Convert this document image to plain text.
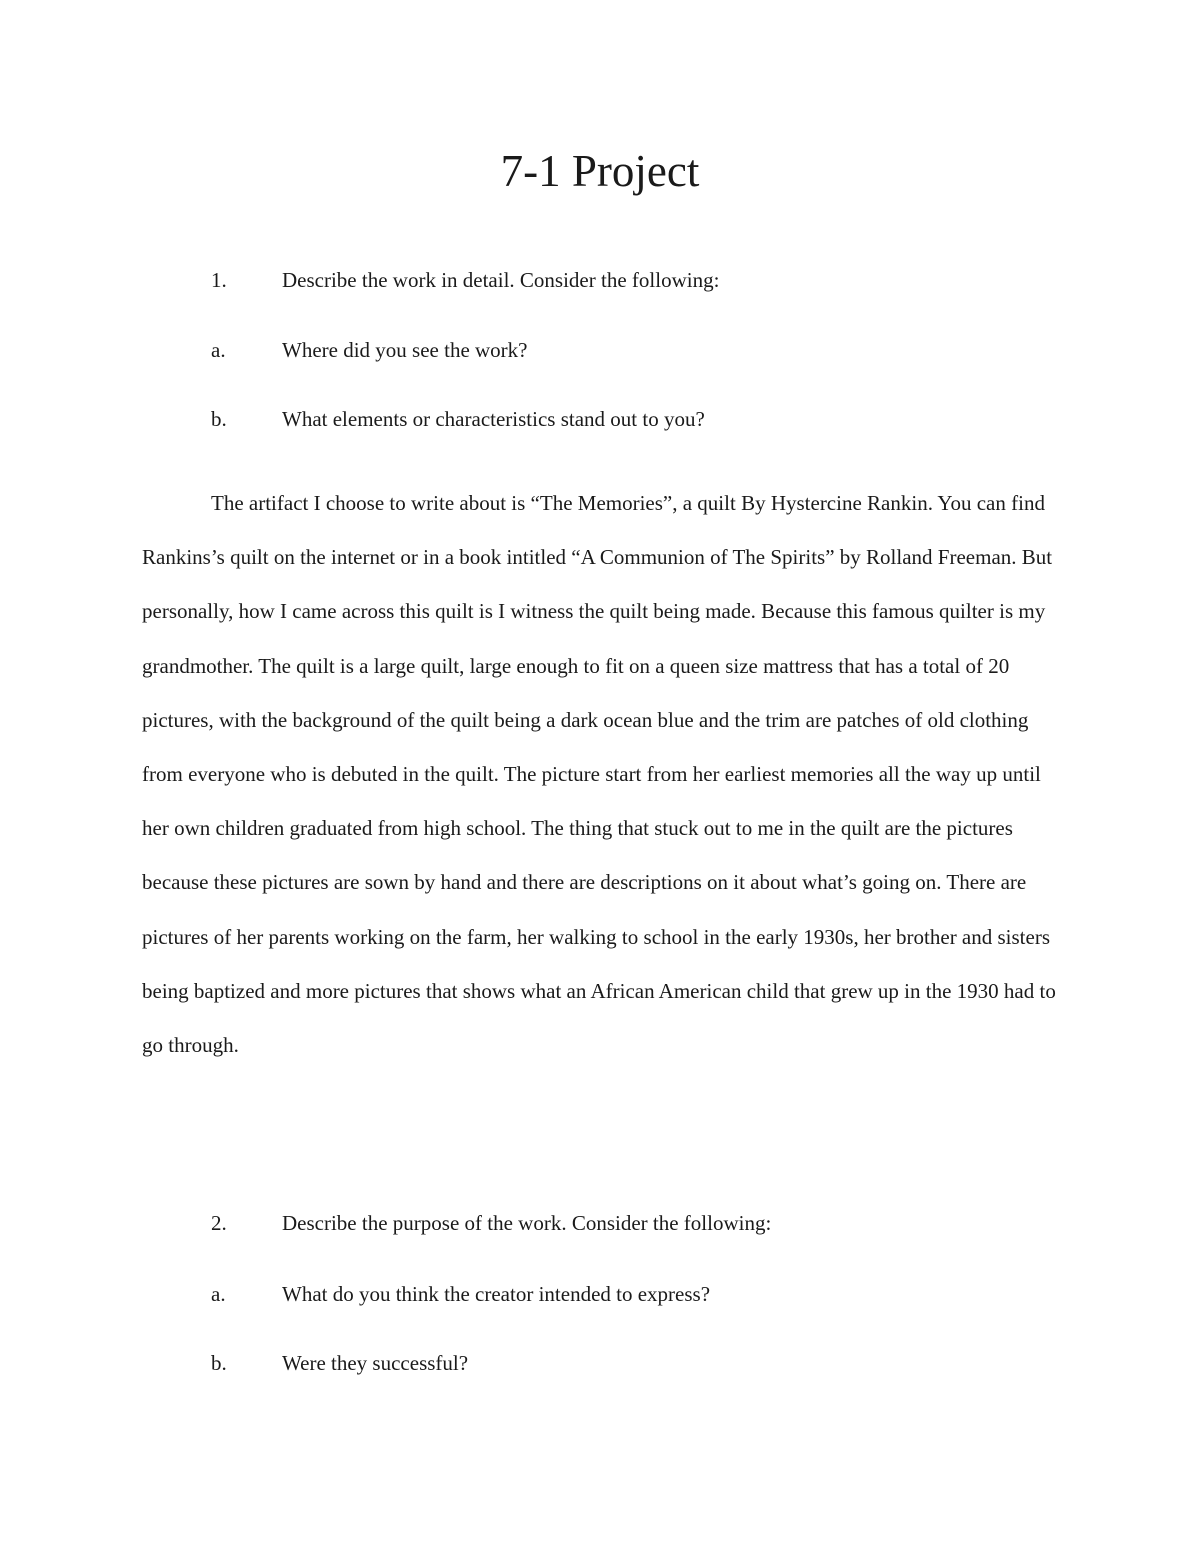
7-1 Project
1.	Describe the work in detail. Consider the following:
a.	Where did you see the work?
b.	What elements or characteristics stand out to you?

The artifact I choose to write about is “The Memories”, a quilt By Hystercine Rankin. You can find Rankins’s quilt on the internet or in a book intitled “A Communion of The Spirits” by Rolland Freeman. But personally, how I came across this quilt is I witness the quilt being made. Because this famous quilter is my grandmother. The quilt is a large quilt, large enough to fit on a queen size mattress that has a total of 20 pictures, with the background of the quilt being a dark ocean blue and the trim are patches of old clothing from everyone who is debuted in the quilt. The picture start from her earliest memories all the way up until her own children graduated from high school. The thing that stuck out to me in the quilt are the pictures because these pictures are sown by hand and there are descriptions on it about what’s going on. There are pictures of her parents working on the farm, her walking to school in the early 1930s, her brother and sisters being baptized and more pictures that shows what an African American child that grew up in the 1930 had to go through.

2.	Describe the purpose of the work. Consider the following:
a.	What do you think the creator intended to express?
b.	Were they successful?
